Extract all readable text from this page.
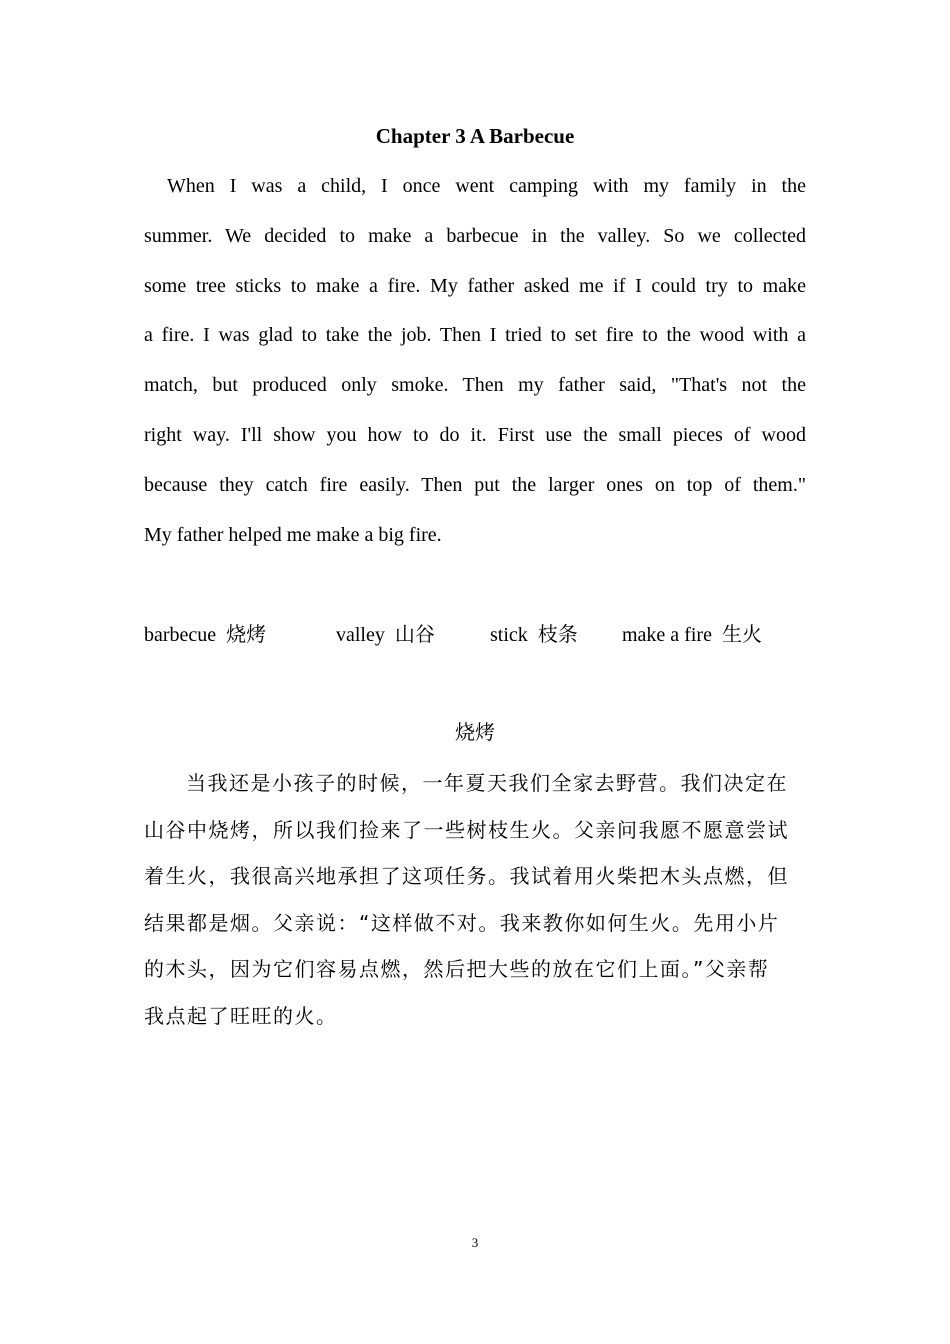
Chapter 3 A Barbecue
When I was a child, I once went camping with my family in the
summer. We decided to make a barbecue in the valley. So we collected
some tree sticks to make a fire. My father asked me if I could try to make
a fire. I was glad to take the job. Then I tried to set fire to the wood with a
match, but produced only smoke. Then my father said, "That's not the
right way. I'll show you how to do it. First use the small pieces of wood
because they catch fire easily. Then put the larger ones on top of them."
My father helped me make a big fire.
barbecue 烧烤	valley 山谷	stick 枝条 make a fire 生火
烧烤
当我还是小孩子的时候，一年夏天我们全家去野营。我们决定在
山谷中烧烤，所以我们捡来了一些树枝生火。父亲问我愿不愿意尝试
着生火，我很高兴地承担了这项任务。我试着用火柴把木头点燃，但
结果都是烟。父亲说：“这样做不对。我来教你如何生火。先用小片
的木头，因为它们容易点燃，然后把大些的放在它们上面。”父亲帮
我点起了旺旺的火。
3
